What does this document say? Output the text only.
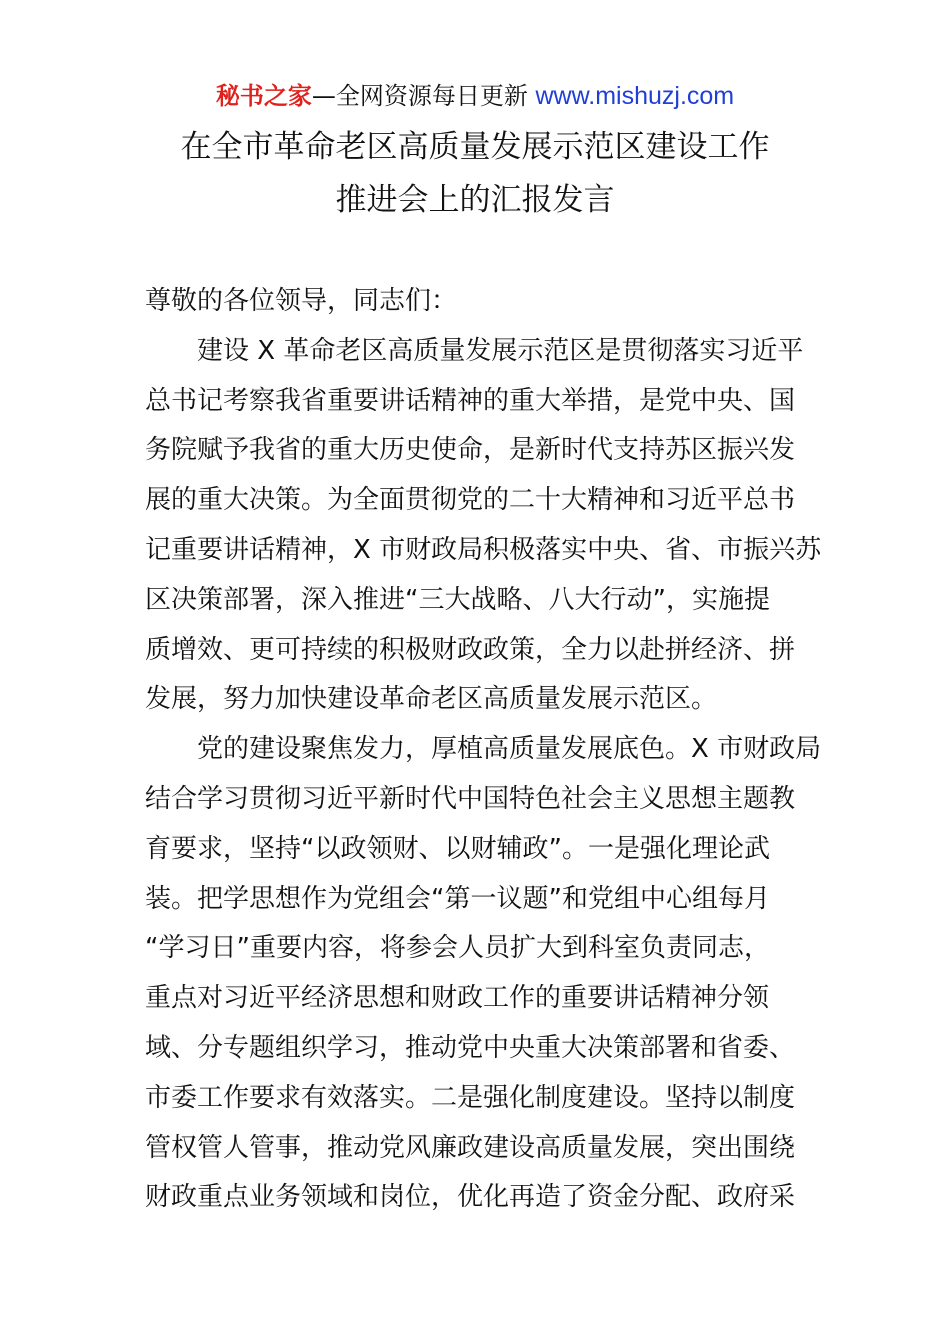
秘书之家—全网资源每日更新 www.mishuzj.com
在全市革命老区高质量发展示范区建设工作
推进会上的汇报发言
尊敬的各位领导，同志们：
建设 X 革命老区高质量发展示范区是贯彻落实习近平
总书记考察我省重要讲话精神的重大举措，是党中央、国
务院赋予我省的重大历史使命，是新时代支持苏区振兴发
展的重大决策。为全面贯彻党的二十大精神和习近平总书
记重要讲话精神，X 市财政局积极落实中央、省、市振兴苏
区决策部署，深入推进“三大战略、八大行动”，实施提
质增效、更可持续的积极财政政策，全力以赴拼经济、拼
发展，努力加快建设革命老区高质量发展示范区。
党的建设聚焦发力，厚植高质量发展底色。X 市财政局
结合学习贯彻习近平新时代中国特色社会主义思想主题教
育要求，坚持“以政领财、以财辅政”。一是强化理论武
装。把学思想作为党组会“第一议题”和党组中心组每月
“学习日”重要内容，将参会人员扩大到科室负责同志，
重点对习近平经济思想和财政工作的重要讲话精神分领
域、分专题组织学习，推动党中央重大决策部署和省委、
市委工作要求有效落实。二是强化制度建设。坚持以制度
管权管人管事，推动党风廉政建设高质量发展，突出围绕
财政重点业务领域和岗位，优化再造了资金分配、政府采
